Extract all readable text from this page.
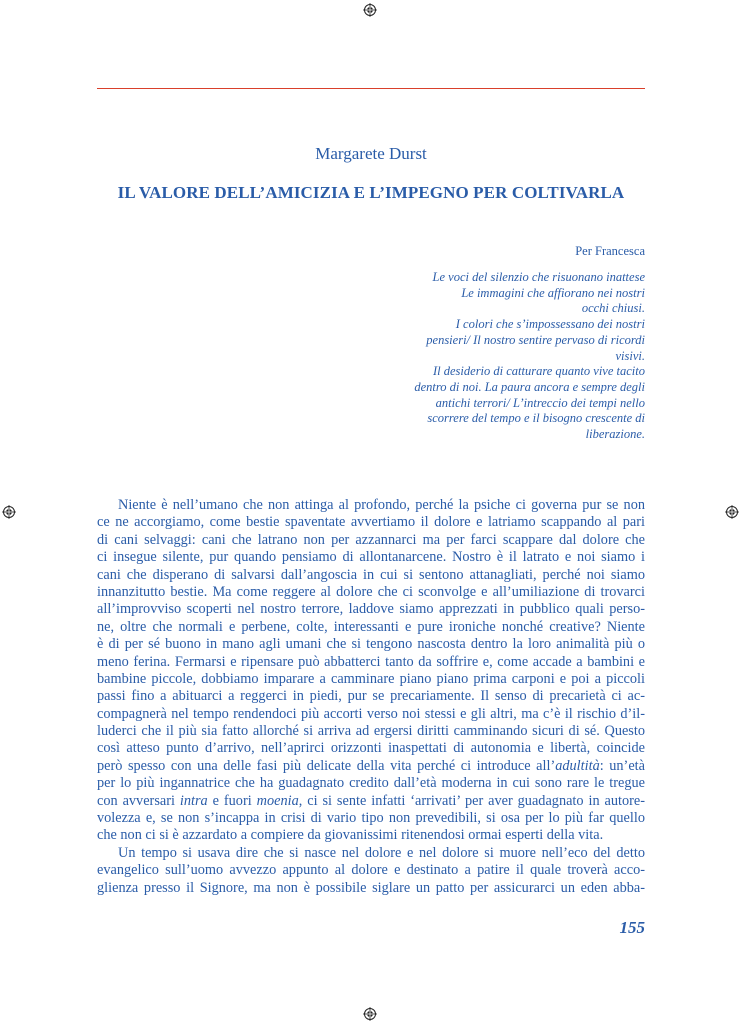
Margarete Durst
IL VALORE DELL’AMICIZIA E L’IMPEGNO PER COLTIVARLA
Per Francesca
Le voci del silenzio che risuonano inattese
Le immagini che affiorano nei nostri
occhi chiusi.
I colori che s’impossessano dei nostri
pensieri/ Il nostro sentire pervaso di ricordi
visivi.
Il desiderio di catturare quanto vive tacito
dentro di noi. La paura ancora e sempre degli
antichi terrori/ L’intreccio dei tempi nello
scorrere del tempo e il bisogno crescente di
liberazione.
Niente è nell’umano che non attinga al profondo, perché la psiche ci governa pur se non
ce ne accorgiamo, come bestie spaventate avvertiamo il dolore e latriamo scappando al pari
di cani selvaggi: cani che latrano non per azzannarci ma per farci scappare dal dolore che
ci insegue silente, pur quando pensiamo di allontanarcene. Nostro è il latrato e noi siamo i
cani che disperano di salvarsi dall’angoscia in cui si sentono attanagliati, perché noi siamo
innanzitutto bestie. Ma come reggere al dolore che ci sconvolge e all’umiliazione di trovarci
all’improvviso scoperti nel nostro terrore, laddove siamo apprezzati in pubblico quali perso-
ne, oltre che normali e perbene, colte, interessanti e pure ironiche nonché creative? Niente
è di per sé buono in mano agli umani che si tengono nascosta dentro la loro animalità più o
meno ferina. Fermarsi e ripensare può abbatterci tanto da soffrire e, come accade a bambini e
bambine piccole, dobbiamo imparare a camminare piano piano prima carponi e poi a piccoli
passi fino a abituarci a reggerci in piedi, pur se precariamente. Il senso di precarietà ci ac-
compagnerà nel tempo rendendoci più accorti verso noi stessi e gli altri, ma c’è il rischio d’il-
luderci che il più sia fatto allorché si arriva ad ergersi diritti camminando sicuri di sé. Questo
così atteso punto d’arrivo, nell’aprirci orizzonti inaspettati di autonomia e libertà, coincide
però spesso con una delle fasi più delicate della vita perché ci introduce all’adultità: un’età
per lo più ingannatrice che ha guadagnato credito dall’età moderna in cui sono rare le tregue
con avversari intra e fuori moenia, ci si sente infatti ‘arrivati’ per aver guadagnato in autore-
volezza e, se non s’incappa in crisi di vario tipo non prevedibili, si osa per lo più far quello
che non ci si è azzardato a compiere da giovanissimi ritenendosi ormai esperti della vita.
Un tempo si usava dire che si nasce nel dolore e nel dolore si muore nell’eco del detto
evangelico sull’uomo avvezzo appunto al dolore e destinato a patire il quale troverà acco-
glienza presso il Signore, ma non è possibile siglare un patto per assicurarci un eden abba-
155
